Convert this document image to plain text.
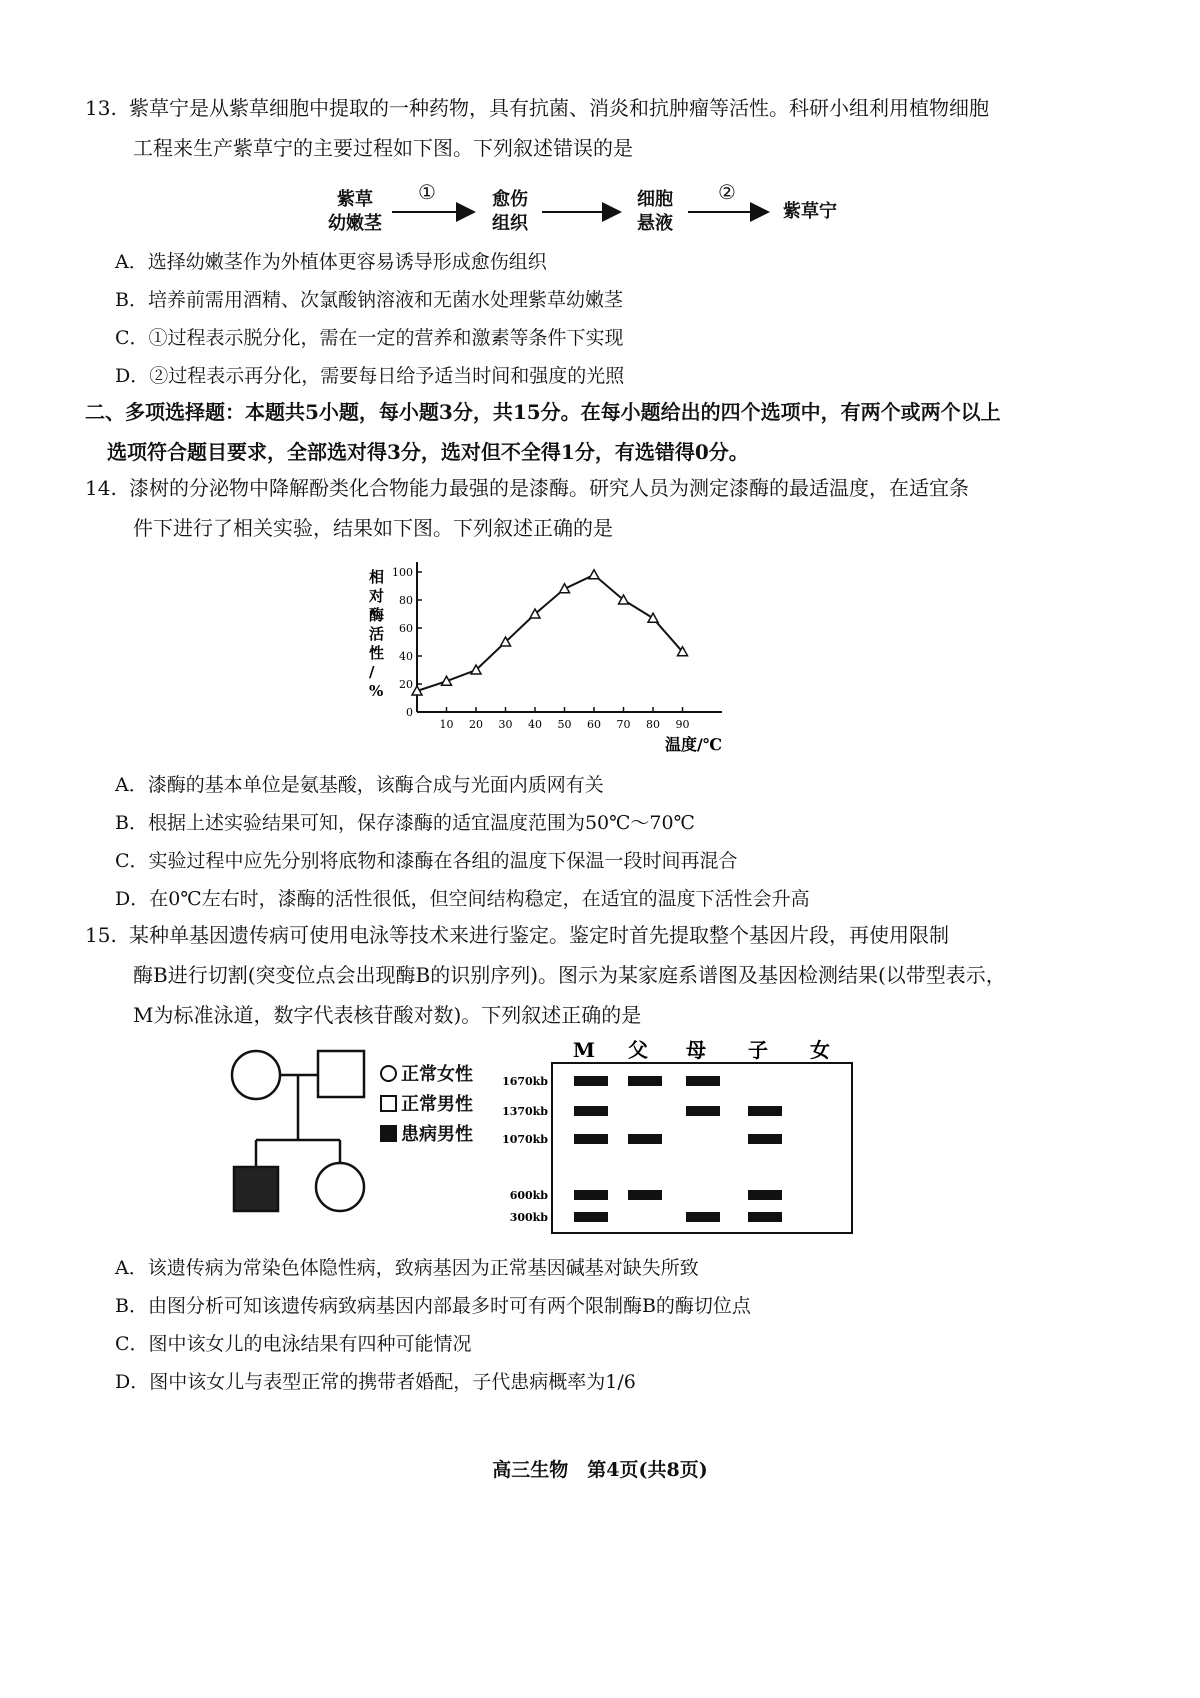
13. 紫草宁是从紫草细胞中提取的一种药物，具有抗菌、消炎和抗肿瘤等活性。科研小组利用植物细胞
工程来生产紫草宁的主要过程如下图。下列叙述错误的是
紫草
幼嫩茎
①	愈伤
组织
细胞
悬液
②
紫草宁
A．选择幼嫩茎作为外植体更容易诱导形成愈伤组织
B．培养前需用酒精、次氯酸钠溶液和无菌水处理紫草幼嫩茎
C．①过程表示脱分化，需在一定的营养和激素等条件下实现
D．②过程表示再分化，需要每日给予适当时间和强度的光照
二、多项选择题：本题共5小题，每小题3分，共15分。在每小题给出的四个选项中，有两个或两个以上
选项符合题目要求，全部选对得3分，选对但不全得1分，有选错得0分。
14. 漆树的分泌物中降解酚类化合物能力最强的是漆酶。研究人员为测定漆酶的最适温度，在适宜条
件下进行了相关实验，结果如下图。下列叙述正确的是
0
20
40
60
80
100
10 20 30 40 50 60 70 80 90
相对酶活性/ %
温度/℃
A．漆酶的基本单位是氨基酸，该酶合成与光面内质网有关
B．根据上述实验结果可知，保存漆酶的适宜温度范围为50℃～70℃
C．实验过程中应先分别将底物和漆酶在各组的温度下保温一段时间再混合
D．在0℃左右时，漆酶的活性很低，但空间结构稳定，在适宜的温度下活性会升高
15. 某种单基因遗传病可使用电泳等技术来进行鉴定。鉴定时首先提取整个基因片段，再使用限制
酶B进行切割(突变位点会出现酶B的识别序列)。图示为某家庭系谱图及基因检测结果(以带型表示，
M为标准泳道，数字代表核苷酸对数)。下列叙述正确的是
正常女性
正常男性
患病男性
M 父 母 子 女
1670kb
1370kb
1070kb
600kb
300kb
A．该遗传病为常染色体隐性病，致病基因为正常基因碱基对缺失所致
B．由图分析可知该遗传病致病基因内部最多时可有两个限制酶B的酶切位点
C．图中该女儿的电泳结果有四种可能情况
D．图中该女儿与表型正常的携带者婚配，子代患病概率为1/6
高三生物　第4页(共8页)
